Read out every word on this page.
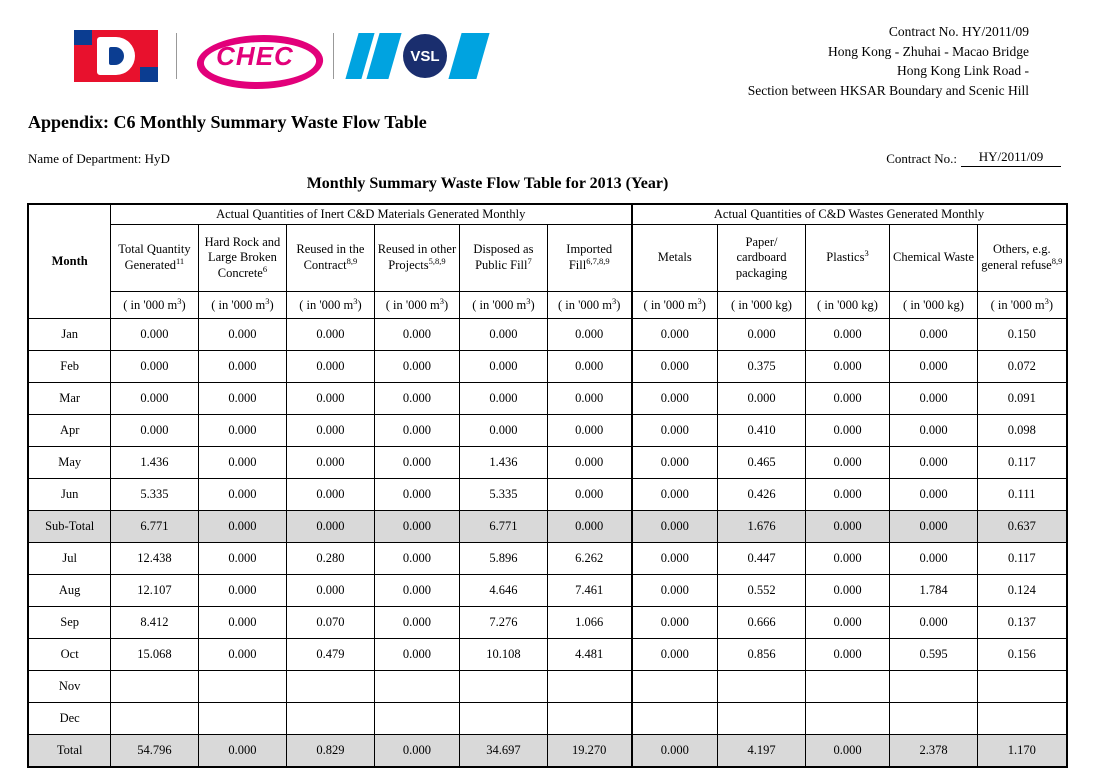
CHEC	VSL
Contract No. HY/2011/09
Hong Kong - Zhuhai - Macao Bridge
Hong Kong Link Road -
Section between HKSAR Boundary and Scenic Hill
Appendix: C6 Monthly Summary Waste Flow Table
Name of Department: HyD	Contract No.:	HY/2011/09
Monthly Summary Waste Flow Table for 2013 (Year)
Month	Actual Quantities of Inert C&D Materials Generated Monthly						Actual Quantities of C&D Wastes Generated Monthly				
	Total Quantity Generated$^{11}$	Hard Rock and Large Broken Concrete$^6$	Reused in the Contract$^{8,9}$	Reused in other Projects$^{5,8,9}$	Disposed as Public Fill$^7$	Imported Fill$^{6,7,8,9}$	Metals	Paper/ cardboard packaging	Plastics$^3$	Chemical Waste	Others, e.g. general refuse$^{8,9}$
	( in '000 $m^3$)	( in '000 $m^3$)	( in '000 $m^3$)	( in '000 $m^3$)	( in '000 $m^3$)	( in '000 $m^3$)	( in '000 $m^3$)	( in '000 kg)	( in '000 kg)	( in '000 kg)	( in '000 $m^3$)
Jan	0.000	0.000	0.000	0.000	0.000	0.000	0.000	0.000	0.000	0.000	0.150
Feb	0.000	0.000	0.000	0.000	0.000	0.000	0.000	0.375	0.000	0.000	0.072
Mar	0.000	0.000	0.000	0.000	0.000	0.000	0.000	0.000	0.000	0.000	0.091
Apr	0.000	0.000	0.000	0.000	0.000	0.000	0.000	0.410	0.000	0.000	0.098
May	1.436	0.000	0.000	0.000	1.436	0.000	0.000	0.465	0.000	0.000	0.117
Jun	5.335	0.000	0.000	0.000	5.335	0.000	0.000	0.426	0.000	0.000	0.111
Sub-Total	6.771	0.000	0.000	0.000	6.771	0.000	0.000	1.676	0.000	0.000	0.637
Jul	12.438	0.000	0.280	0.000	5.896	6.262	0.000	0.447	0.000	0.000	0.117
Aug	12.107	0.000	0.000	0.000	4.646	7.461	0.000	0.552	0.000	1.784	0.124
Sep	8.412	0.000	0.070	0.000	7.276	1.066	0.000	0.666	0.000	0.000	0.137
Oct	15.068	0.000	0.479	0.000	10.108	4.481	0.000	0.856	0.000	0.595	0.156
Nov											
Dec											
Total	54.796	0.000	0.829	0.000	34.697	19.270	0.000	4.197	0.000	2.378	1.170
